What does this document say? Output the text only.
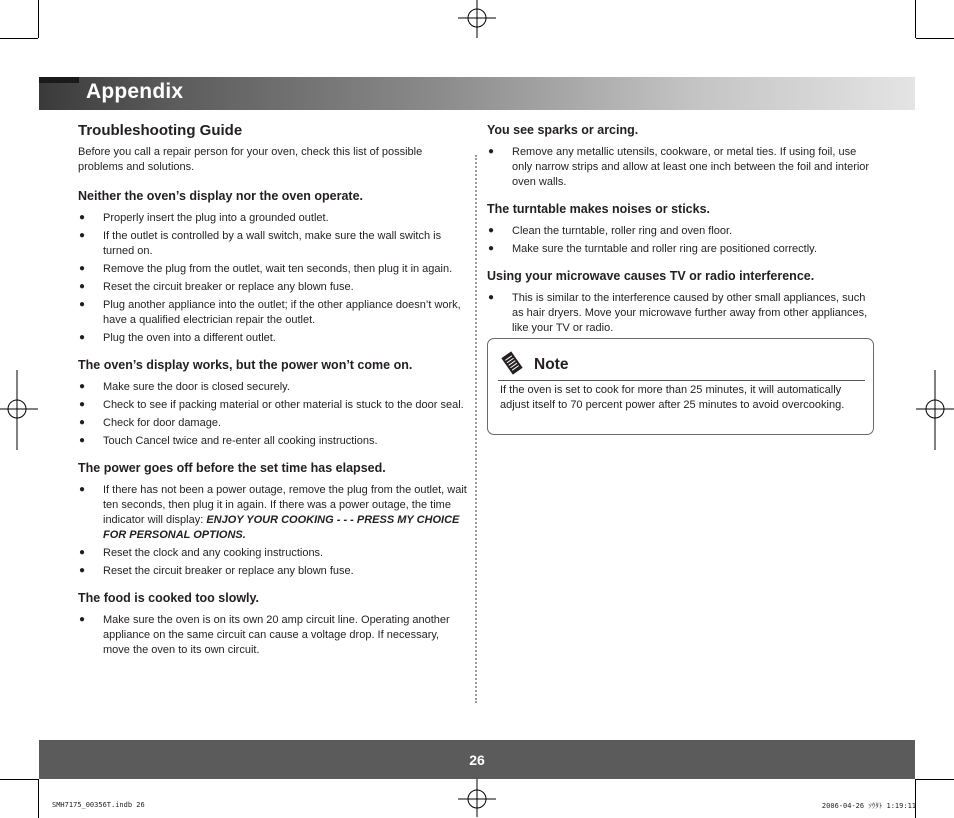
Appendix
Troubleshooting Guide

Before you call a repair person for your oven, check this list of possible problems and solutions.

Neither the oven’s display nor the oven operate.
● Properly insert the plug into a grounded outlet.
● If the outlet is controlled by a wall switch, make sure the wall switch is turned on.
● Remove the plug from the outlet, wait ten seconds, then plug it in again.
● Reset the circuit breaker or replace any blown fuse.
● Plug another appliance into the outlet; if the other appliance doesn’t work, have a qualified electrician repair the outlet.
● Plug the oven into a different outlet.
The oven’s display works, but the power won’t come on.
● Make sure the door is closed securely.
● Check to see if packing material or other material is stuck to the door seal.
● Check for door damage.
● Touch Cancel twice and re-enter all cooking instructions.
The power goes off before the set time has elapsed.
● If there has not been a power outage, remove the plug from the outlet, wait ten seconds, then plug it in again. If there was a power outage, the time indicator will display: ENJOY YOUR COOKING - - - PRESS MY CHOICE FOR PERSONAL OPTIONS.
● Reset the clock and any cooking instructions.
● Reset the circuit breaker or replace any blown fuse.
The food is cooked too slowly.
● Make sure the oven is on its own 20 amp circuit line. Operating another appliance on the same circuit can cause a voltage drop. If necessary, move the oven to its own circuit.
You see sparks or arcing.
● Remove any metallic utensils, cookware, or metal ties. If using foil, use only narrow strips and allow at least one inch between the foil and interior oven walls.
The turntable makes noises or sticks.
● Clean the turntable, roller ring and oven floor.
● Make sure the turntable and roller ring are positioned correctly.
Using your microwave causes TV or radio interference.
● This is similar to the interference caused by other small appliances, such as hair dryers. Move your microwave further away from other appliances, like your TV or radio.
Note
If the oven is set to cook for more than 25 minutes, it will automatically adjust itself to 70 percent power after 25 minutes to avoid overcooking.
26
SMH7175_00356T.indb 26	2006-04-26 ｿｳﾀﾄ 1:19:11
